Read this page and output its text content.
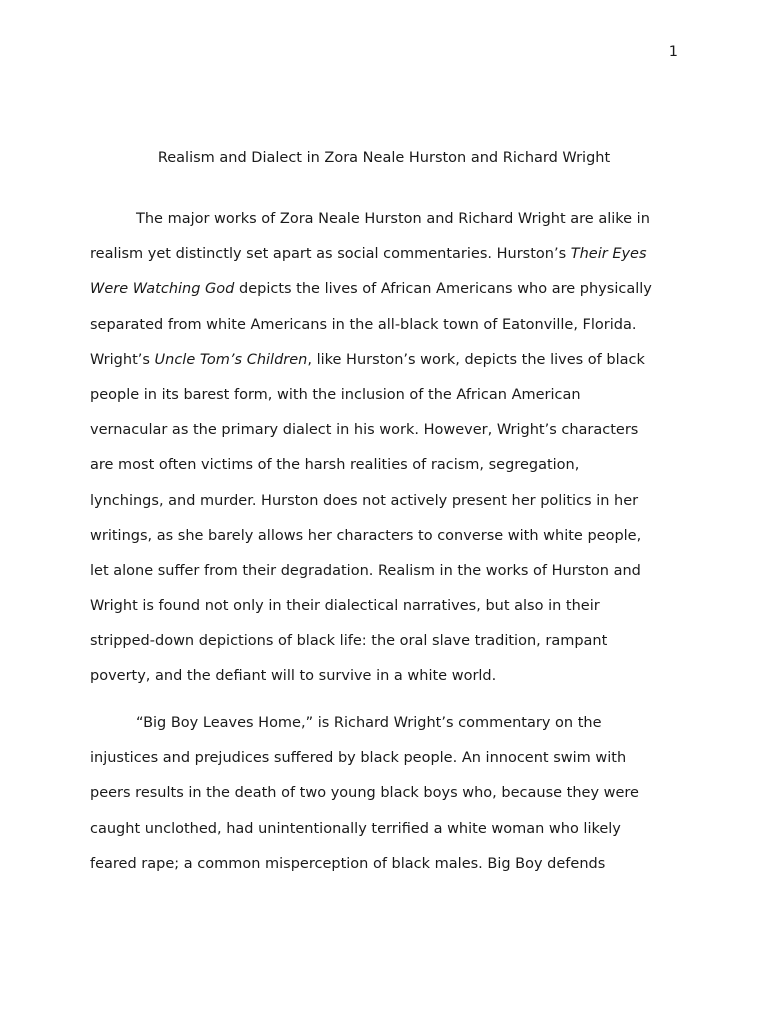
1
Realism and Dialect in Zora Neale Hurston and Richard Wright
The major works of Zora Neale Hurston and Richard Wright are alike in
realism yet distinctly set apart as social commentaries. Hurston’s Their Eyes
Were Watching God depicts the lives of African Americans who are physically
separated from white Americans in the all-black town of Eatonville, Florida.
Wright’s Uncle Tom’s Children, like Hurston’s work, depicts the lives of black
people in its barest form, with the inclusion of the African American
vernacular as the primary dialect in his work. However, Wright’s characters
are most often victims of the harsh realities of racism, segregation,
lynchings, and murder. Hurston does not actively present her politics in her
writings, as she barely allows her characters to converse with white people,
let alone suffer from their degradation. Realism in the works of Hurston and
Wright is found not only in their dialectical narratives, but also in their
stripped-down depictions of black life: the oral slave tradition, rampant
poverty, and the defiant will to survive in a white world.
“Big Boy Leaves Home,” is Richard Wright’s commentary on the
injustices and prejudices suffered by black people. An innocent swim with
peers results in the death of two young black boys who, because they were
caught unclothed, had unintentionally terrified a white woman who likely
feared rape; a common misperception of black males. Big Boy defends
